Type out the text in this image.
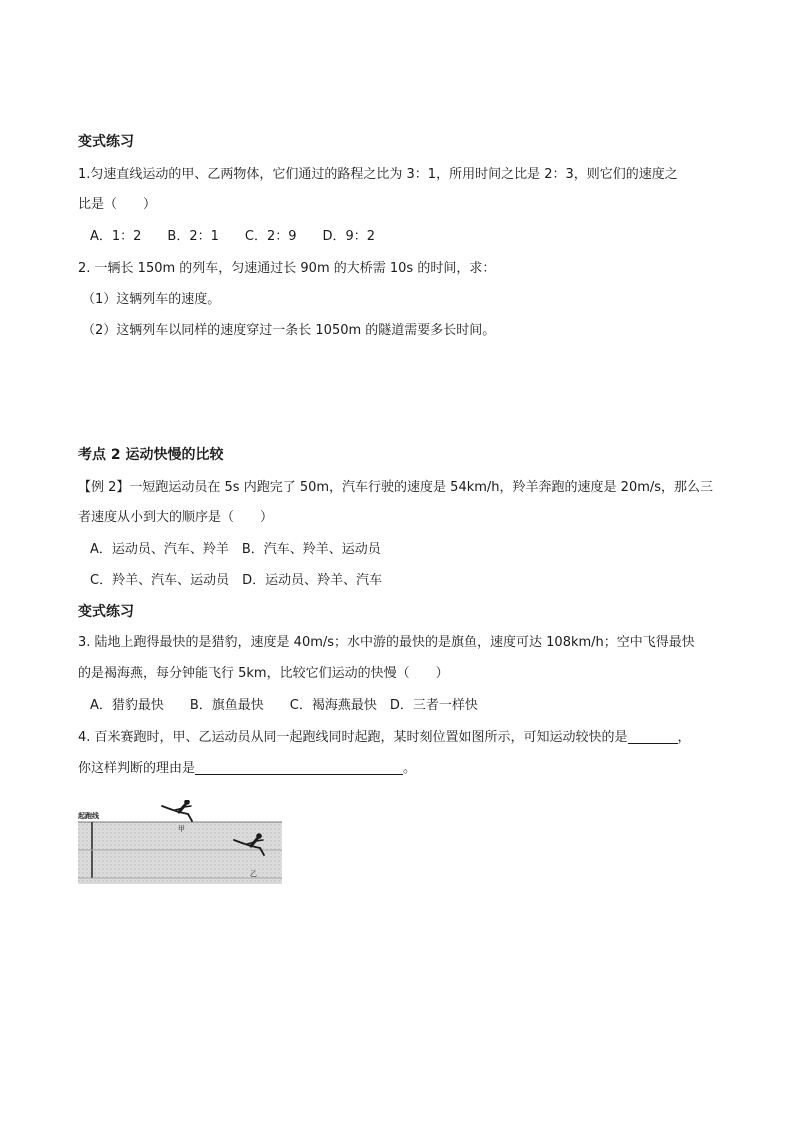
变式练习
1.匀速直线运动的甲、乙两物体，它们通过的路程之比为 3：1，所用时间之比是 2：3，则它们的速度之
比是（　　）
A．1：2　　B．2：1　　C．2：9　　D．9：2
2. 一辆长 150m 的列车，匀速通过长 90m 的大桥需 10s 的时间，求：
（1）这辆列车的速度。
（2）这辆列车以同样的速度穿过一条长 1050m 的隧道需要多长时间。
考点 2 运动快慢的比较
【例 2】一短跑运动员在 5s 内跑完了 50m，汽车行驶的速度是 54km/h，羚羊奔跑的速度是 20m/s，那么三
者速度从小到大的顺序是（　　）
A．运动员、汽车、羚羊　B．汽车、羚羊、运动员
C．羚羊、汽车、运动员　D．运动员、羚羊、汽车
变式练习
3. 陆地上跑得最快的是猎豹，速度是 40m/s；水中游的最快的是旗鱼，速度可达 108km/h；空中飞得最快
的是褐海燕，每分钟能飞行 5km，比较它们运动的快慢（　　）
A．猎豹最快　　B．旗鱼最快　　C．褐海燕最快　D．三者一样快
4. 百米赛跑时，甲、乙运动员从同一起跑线同时起跑，某时刻位置如图所示，可知运动较快的是	，
你这样判断的理由是	。
起跑线
甲
乙
